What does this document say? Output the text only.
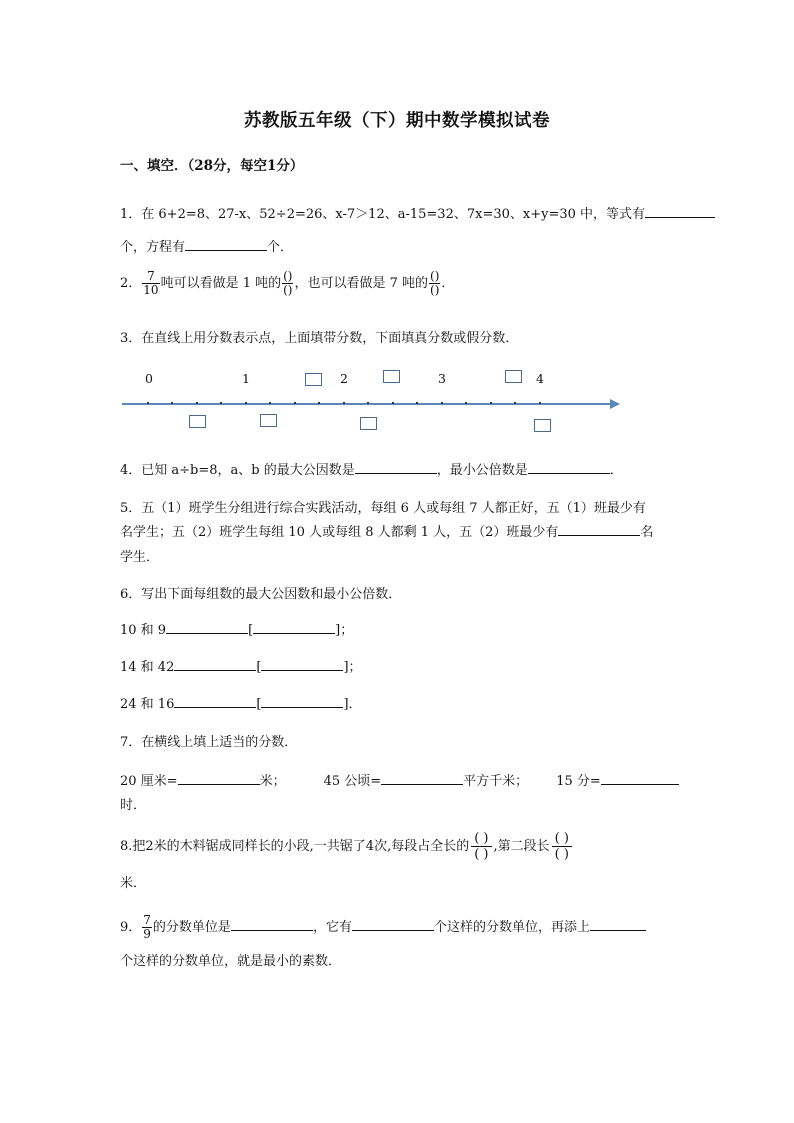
苏教版五年级（下）期中数学模拟试卷
一、填空．（28分，每空1分）
1．在 6+2=8、27-x、52÷2=26、x-7＞12、a-15=32、7x=30、x+y=30 中，等式有
个，方程有	个．
2． $\frac{7}{10}$ 吨可以看做是 1 吨的 $\frac{()}{()}$ ，也可以看做是 7 吨的 $\frac{()}{()}$ ．
3．在直线上用分数表示点，上面填带分数，下面填真分数或假分数．
0	1	2	3	4
4．已知 a÷b=8，a、b 的最大公因数是	，最小公倍数是	．
5．五（1）班学生分组进行综合实践活动，每组 6 人或每组 7 人都正好，五（1）班最少有
名学生；五（2）班学生每组 10 人或每组 8 人都剩 1 人，五（2）班最少有	名
学生．
6．写出下面每组数的最大公因数和最小公倍数．
10 和 9	[	]；
14 和 42	[	]；
24 和 16	[	]．
7．在横线上填上适当的分数．
20 厘米=	米；	45 公顷=	平方千米； 15 分=
时．
8.把2米的木料锯成同样长的小段,一共锯了4次,每段占全长的
( )
( )
,第二段长
( )
( )
米．
9． $\frac{7}{9}$ 的分数单位是	，它有	个这样的分数单位，再添上
个这样的分数单位，就是最小的素数．
